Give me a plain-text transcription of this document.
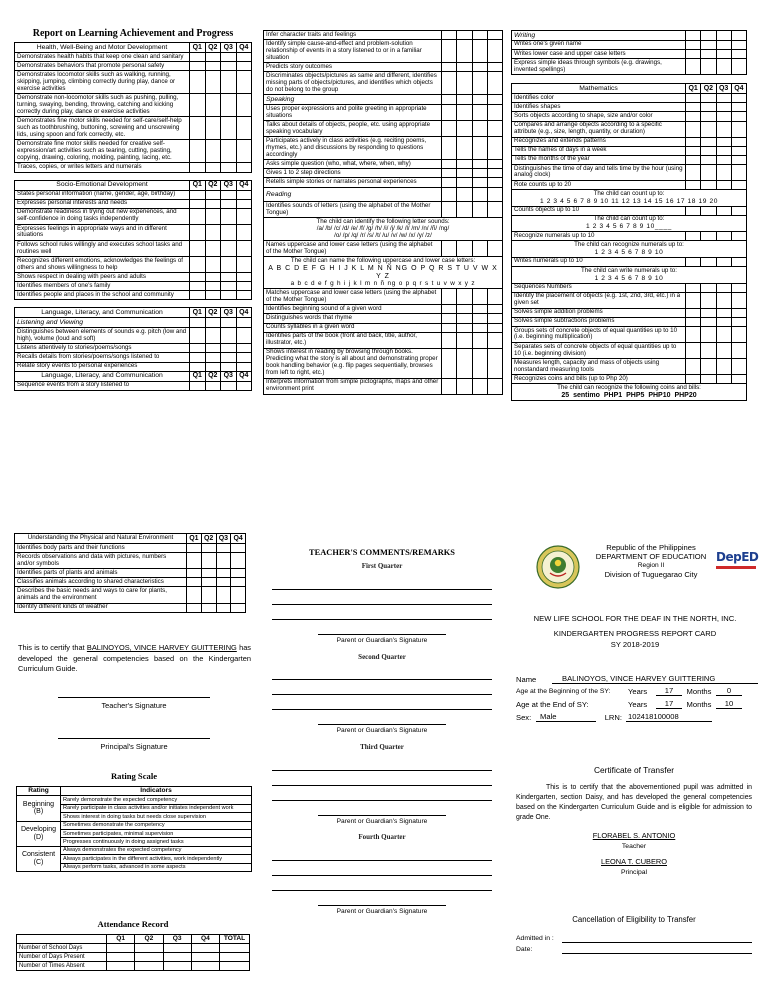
Report on Learning Achievement and Progress
Health, Well-Being and Motor Development	Q1	Q2	Q3	Q4
Demonstrates health habits that keep one clean and sanitary				
Demonstrates behaviors that promote personal safety				
Demonstrates locomotor skills such as walking, running, skipping, jumping, climbing correctly during play, dance or exercise activities				
Demonstrate non-locomotor skills such as pushing, pulling, turning, swaying, bending, throwing, catching and kicking correctly during play, dance or exercise activities				
Demonstrates fine motor skills needed for self-care/self-help such as toothbrushing, buttoning, screwing and unscrewing lids, using spoon and fork correctly, etc.				
Demonstrate fine motor skills needed for creative self-expression/art activities such as tearing, cutting, pasting, copying, drawing, coloring, molding, painting, lacing, etc.				
Traces, copies, or writes letters and numerals				
Socio-Emotional Development	Q1	Q2	Q3	Q4
States personal information (name, gender, age, birthday)				
Expresses personal interests and needs				
Demonstrate readiness in trying out new experiences, and self-confidence in doing tasks independently				
Expresses feelings in appropriate ways and in different situations				
Follows school rules willingly and executes school tasks and routines well				
Recognizes different emotions, acknowledges the feelings of others and shows willingness to help				
Shows respect in dealing with peers and adults				
Identifies members of one's family				
Identifies people and places in the school and community				
Language, Literacy, and Communication	Q1	Q2	Q3	Q4
Listening and Viewing				
Distinguishes between elements of sounds e.g. pitch (low and high), volume (loud and soft)				
Listens attentively to stories/poems/songs				
Recalls details from stories/poems/songs listened to				
Relate story events to personal experiences				
Language, Literacy, and Communication	Q1	Q2	Q3	Q4
Sequence events from a story listened to				
Infer character traits and feelings				
Identify simple cause-and-effect and problem-solution relationship of events in a story listened to or in a familiar situation				
Predicts story outcomes				
Discriminates objects/pictures as same and different, identifies missing parts of objects/pictures, and identifies which objects do not belong to the group				
Speaking				
Uses proper expressions and polite greeting in appropriate situations				
Talks about details of objects, people, etc. using appropriate speaking vocabulary				
Participates actively in class activities (e.g. reciting poems, rhymes, etc.) and discussions by responding to questions accordingly				
Asks simple question (who, what, where, when, why)				
Gives 1 to 2 step directions				
Retells simple stories or narrates personal experiences				
Reading				
Identifies sounds of letters (using the alphabet of the Mother Tongue)				

The child can identify the following letter sounds:
/a/ /b/ /c/ /d/ /e/ /f/ /g/ /h/ /i/ /j/ /k/ /l/ /m/ /n/ /ñ/ /ng/
/o/ /p/ /q/ /r/ /s/ /t/ /u/ /v/ /w/ /x/ /y/ /z/				

Names uppercase and lower case letters (using the alphabet of the Mother Tongue)				

The child can name the following uppercase and lower case letters:
A B C D E F G H I J K L M N Ñ NG O P Q R S T U V W X Y Z
a b c d e f g h i j k l m n ñ ng o p q r s t u v w x y z				

Matches uppercase and lower case letters (using the alphabet of the Mother Tongue)				
Identifies beginning sound of a given word				
Distinguishes words that rhyme				
Counts syllables in a given word				
Identifies parts of the book (front and back, title, author, illustrator, etc.)				
Shows interest in reading by browsing through books. Predicting what the story is all about and demonstrating proper book handling behavior (e.g. flip pages sequentially, browses from left to right, etc.)				
Interprets information from simple pictographs, maps and other environment print				
Writing				
Writes one's given name				
Writes lower case and upper case letters				
Express simple ideas through symbols (e.g. drawings, invented spellings)				
Mathematics	Q1	Q2	Q3	Q4
Identifies color				
Identifies shapes				
Sorts objects according to shape, size and/or color				
Compares and arrange objects according to a specific attribute (e.g., size, length, quantity, or duration)				
Recognizes and extends patterns				
Tells the names of days in a week				
Tells the months of the year				
Distinguishes the time of day and tells time by the hour (using analog clock)				
Rote counts up to 20				

The child can count up to:
1 2 3 4 5 6 7 8 9 10 11 12 13 14 15 16 17 18 19 20				

Counts objects up to 10				

The child can count up to:
1 2 3 4 5 6 7 8 9 10____				

Recognize numerals up to 10				

The child can recognize numerals up to:
1 2 3 4 5 6 7 8 9 10				

Writes numerals up to 10				

The child can write numerals up to:
1 2 3 4 5 6 7 8 9 10				

Sequences Numbers				
Identify the placement of objects (e.g. 1st, 2nd, 3rd, etc.) in a given set				
Solves simple addition problems				
Solves simple subtractions problems				
Groups sets of concrete objects of equal quantities up to 10 (i.e. beginning multiplication)				
Separates sets of concrete objects of equal quantities up to 10 (i.e. beginning division)				
Measures length, capacity and mass of objects using nonstandard measuring tools				
Recognizes coins and bills (up to Php 20)				

The child can recognize the following coins and bills:
25 sentimo PHP1 PHP5 PHP10 PHP20				
Understanding the Physical and Natural Environment	Q1	Q2	Q3	Q4
Identifies body parts and their functions				
Records observations and data with pictures, numbers and/or symbols				
Identifies parts of plants and animals				
Classifies animals according to shared characteristics				
Describes the basic needs and ways to care for plants, animals and the environment				
Identify different kinds of weather				
This is to certify that BALINOYOS, VINCE HARVEY GUITTERING has developed the general competencies based on the Kindergarten Curriculum Guide.
Teacher's Signature
Principal's Signature
Rating Scale
Rating	Indicators

Beginning
(B)	Rarely demonstrate the expected competency
	Rarely participate in class activities and/or initiates independent work
	Shows interest in doing tasks but needs close supervision

Developing
(D)	Sometimes demonstrate the competency
	Sometimes participates, minimal supervision
	Progresses continuously in doing assigned tasks

Consistent
(C)	Always demonstrates the expected competency
	Always participates in the different activities, work independently
	Always perform tasks, advanced in some aspects
Attendance Record
	Q1	Q2	Q3	Q4	TOTAL
Number of School Days					
Number of Days Present					
Number of Times Absent					
TEACHER'S COMMENTS/REMARKS
First Quarter
Parent or Guardian's Signature
Second Quarter
Parent or Guardian's Signature
Third Quarter
Parent or Guardian's Signature
Fourth Quarter
Parent or Guardian's Signature
Republic of the Philippines
DEPARTMENT OF EDUCATION
Region II
Division of Tuguegarao City
DepED
NEW LIFE SCHOOL FOR THE DEAF IN THE NORTH, INC.
KINDERGARTEN PROGRESS REPORT CARD
SY 2018-2019
Name	BALINOYOS, VINCE HARVEY GUITTERING
Age at the Beginning of the SY:	Years	17	Months	0
Age at the End of SY:	Years	17	Months	10
Sex:	Male	LRN: 102418100008
Certificate of Transfer
This is to certify that the abovementioned pupil was admitted in Kindergarten, section Daisy, and has developed the general competencies based on the Kindergarten Curriculum Guide and is eligible for admission to grade One.
FLORABEL S. ANTONIO
Teacher
LEONA T. CUBERO
Principal
Cancellation of Eligibility to Transfer
Admitted in :
Date:
